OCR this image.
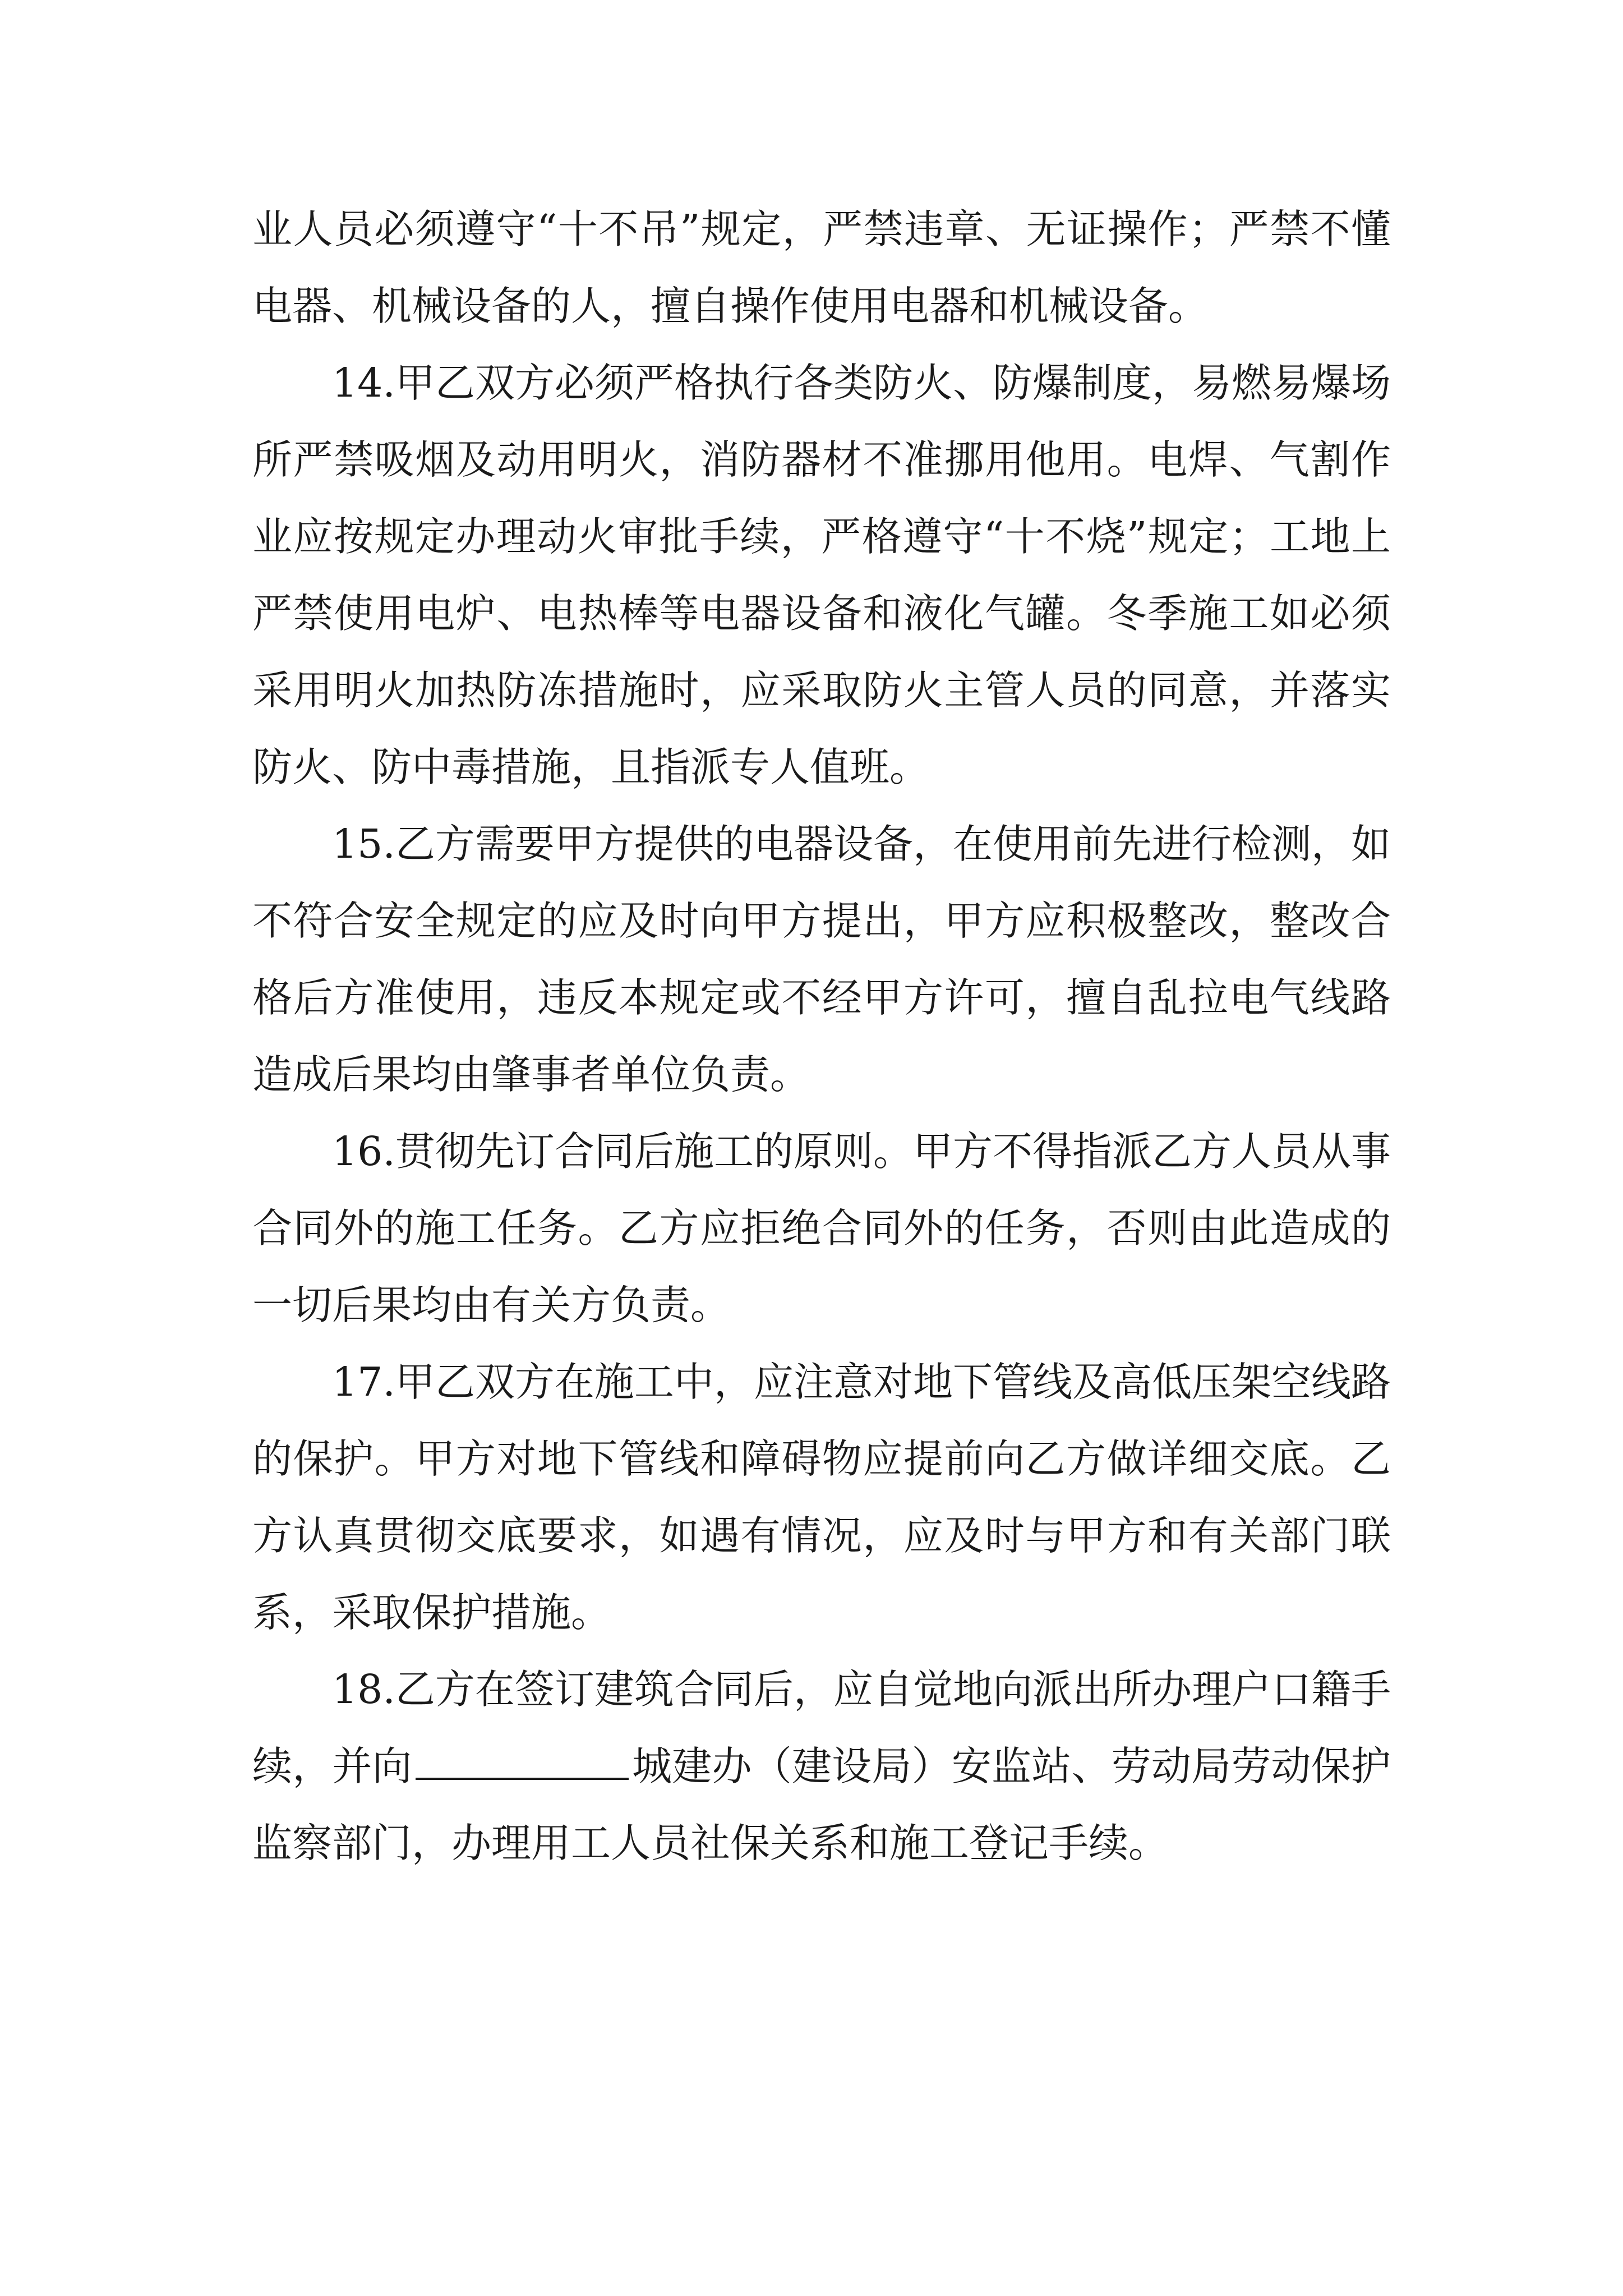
业人员必须遵守“十不吊”规定，严禁违章、无证操作；严禁不懂电器、机械设备的人，擅自操作使用电器和机械设备。

14.甲乙双方必须严格执行各类防火、防爆制度，易燃易爆场所严禁吸烟及动用明火，消防器材不准挪用他用。电焊、气割作业应按规定办理动火审批手续，严格遵守“十不烧”规定；工地上严禁使用电炉、电热棒等电器设备和液化气罐。冬季施工如必须采用明火加热防冻措施时，应采取防火主管人员的同意，并落实防火、防中毒措施，且指派专人值班。

15.乙方需要甲方提供的电器设备，在使用前先进行检测，如不符合安全规定的应及时向甲方提出，甲方应积极整改，整改合格后方准使用，违反本规定或不经甲方许可，擅自乱拉电气线路造成后果均由肇事者单位负责。

16.贯彻先订合同后施工的原则。甲方不得指派乙方人员从事合同外的施工任务。乙方应拒绝合同外的任务，否则由此造成的一切后果均由有关方负责。

17.甲乙双方在施工中，应注意对地下管线及高低压架空线路的保护。甲方对地下管线和障碍物应提前向乙方做详细交底。乙方认真贯彻交底要求，如遇有情况，应及时与甲方和有关部门联系，采取保护措施。

18.乙方在签订建筑合同后，应自觉地向派出所办理户口籍手续，并向	城建办（建设局）安监站、劳动局劳动保护监察部门，办理用工人员社保关系和施工登记手续。
